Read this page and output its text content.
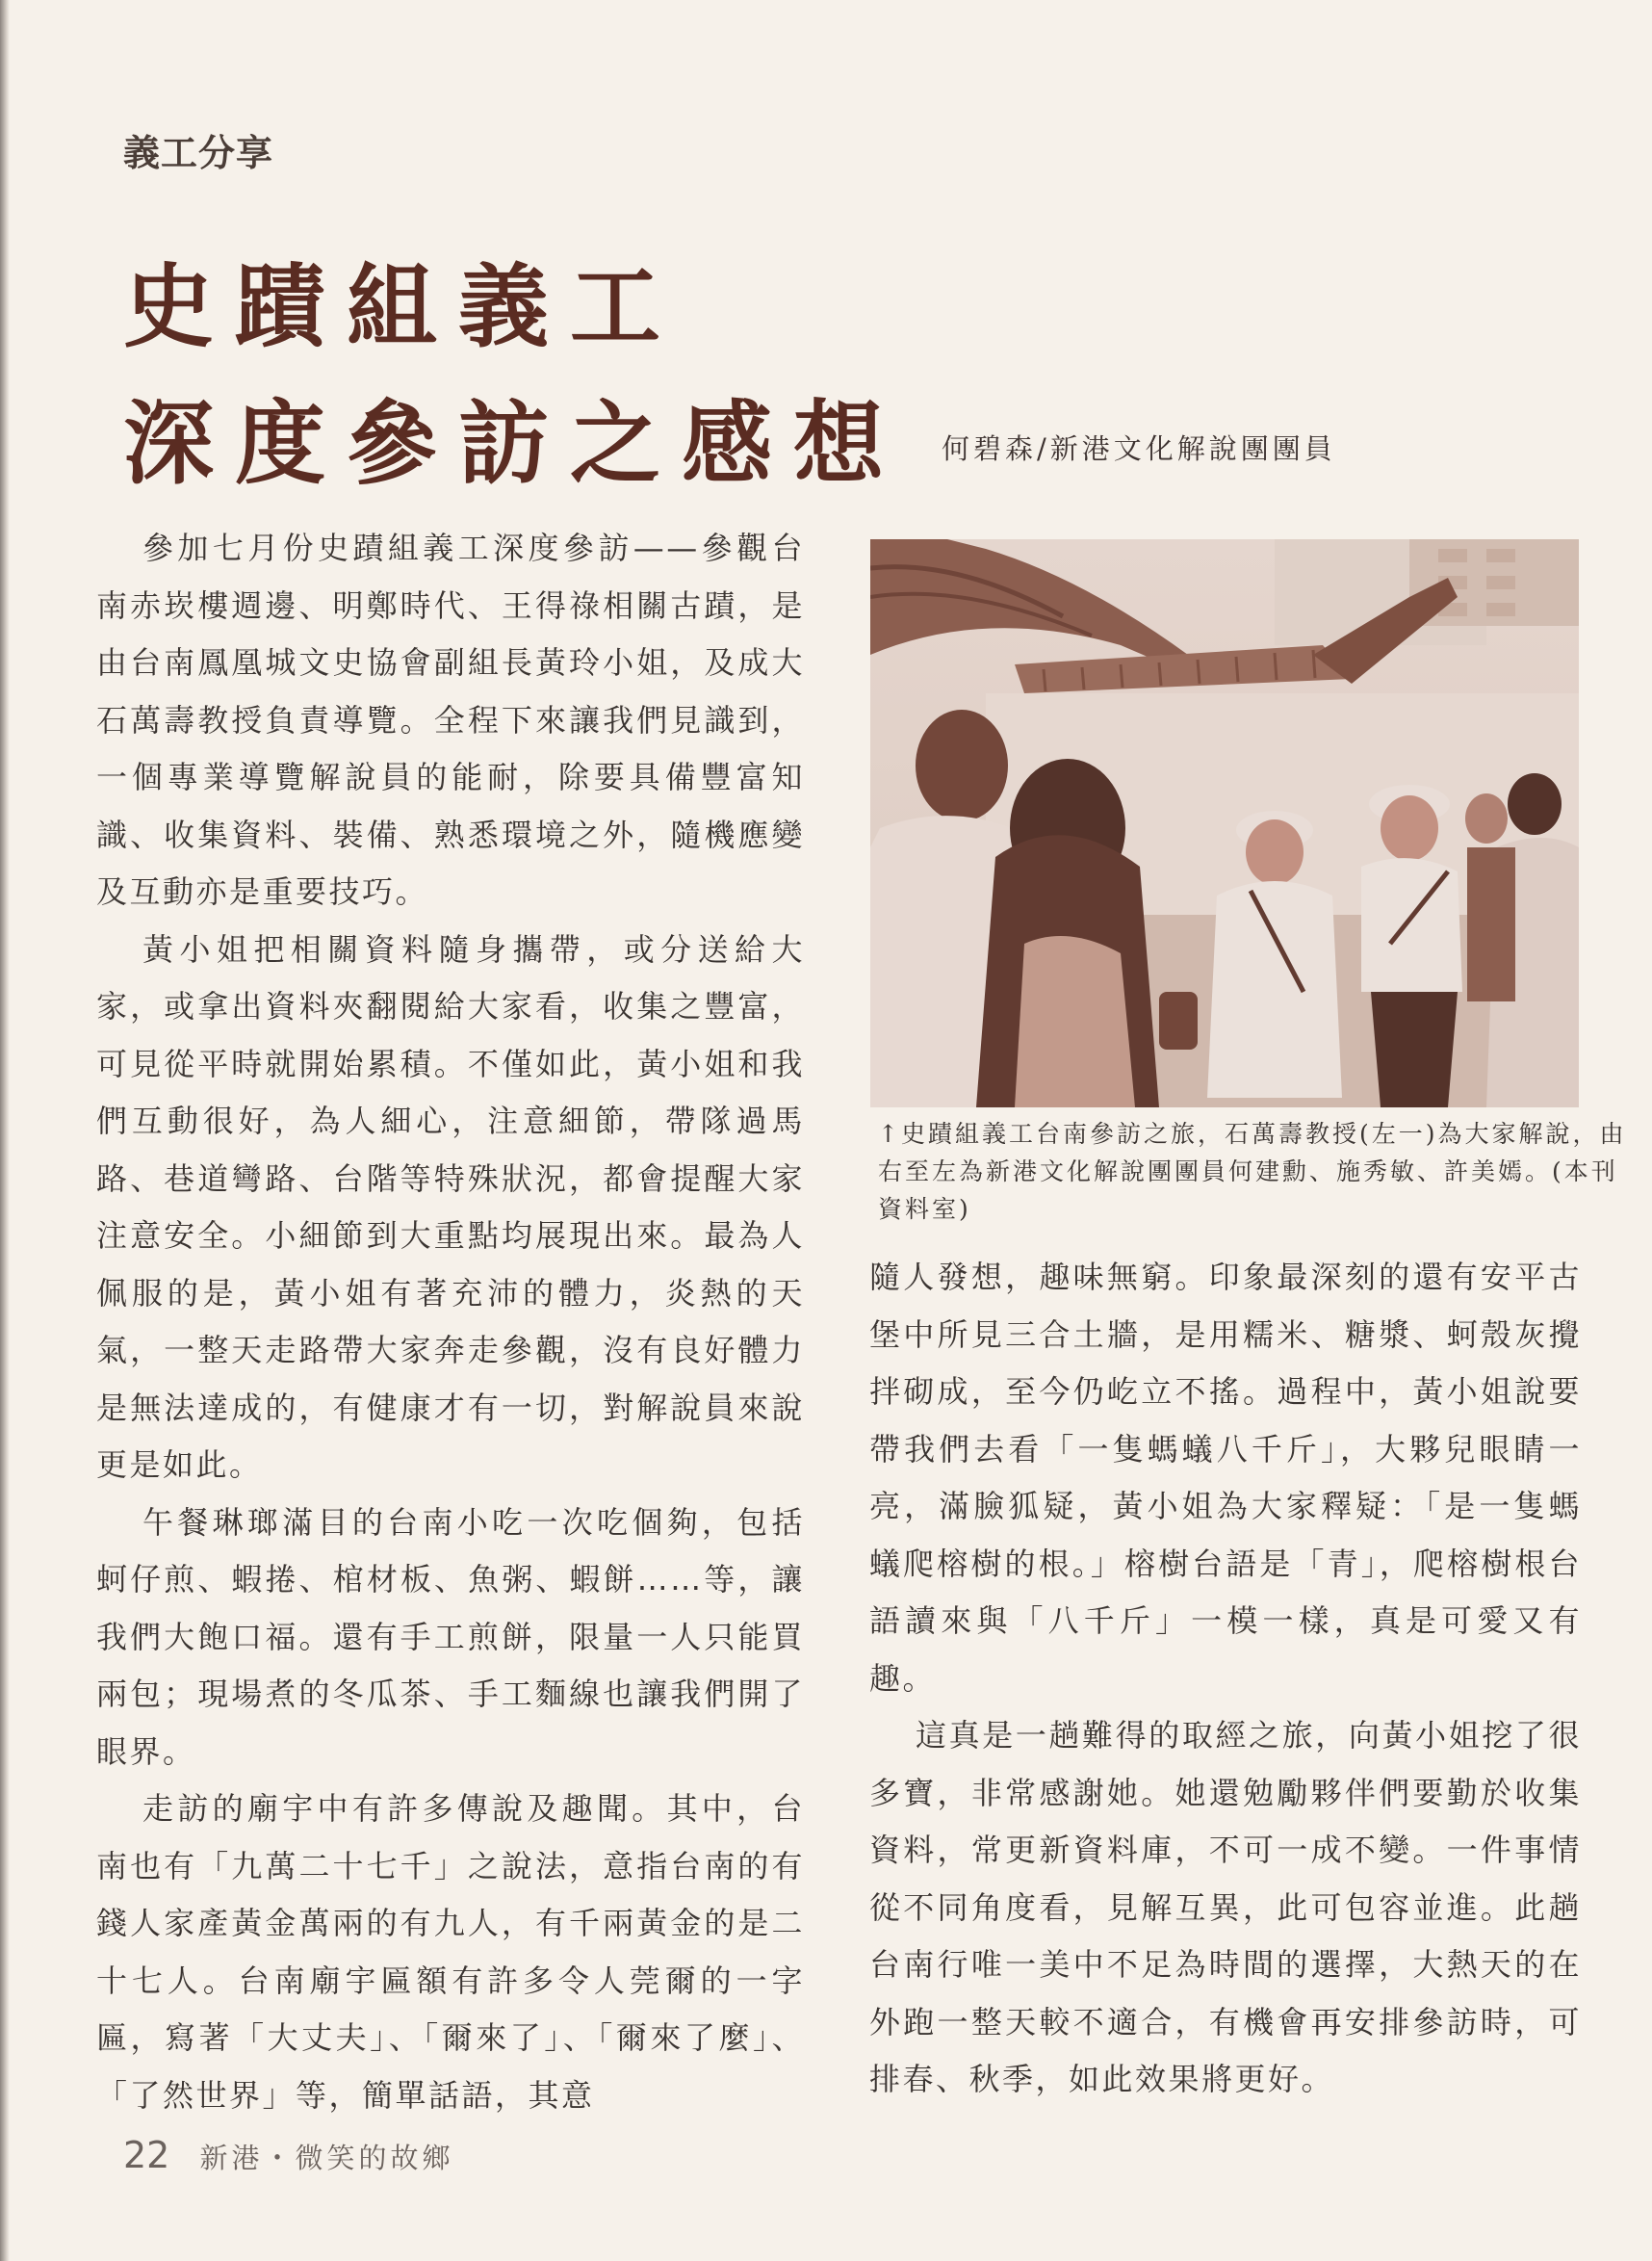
義工分享
史蹟組義工
深度參訪之感想 何碧森/新港文化解說團團員

參加七月份史蹟組義工深度參訪——參觀台南赤崁樓週邊、明鄭時代、王得祿相關古蹟，是由台南鳳凰城文史協會副組長黃玲小姐，及成大石萬壽教授負責導覽。全程下來讓我們見識到，一個專業導覽解說員的能耐，除要具備豐富知識、收集資料、裝備、熟悉環境之外，隨機應變及互動亦是重要技巧。

黃小姐把相關資料隨身攜帶，或分送給大家，或拿出資料夾翻閱給大家看，收集之豐富，可見從平時就開始累積。不僅如此，黃小姐和我們互動很好，為人細心，注意細節，帶隊過馬路、巷道彎路、台階等特殊狀況，都會提醒大家注意安全。小細節到大重點均展現出來。最為人佩服的是，黃小姐有著充沛的體力，炎熱的天氣，一整天走路帶大家奔走參觀，沒有良好體力是無法達成的，有健康才有一切，對解說員來說更是如此。

午餐琳瑯滿目的台南小吃一次吃個夠，包括蚵仔煎、蝦捲、棺材板、魚粥、蝦餅……等，讓我們大飽口福。還有手工煎餅，限量一人只能買兩包；現場煮的冬瓜茶、手工麵線也讓我們開了眼界。

走訪的廟宇中有許多傳說及趣聞。其中，台南也有「九萬二十七千」之說法，意指台南的有錢人家產黃金萬兩的有九人，有千兩黃金的是二十七人。台南廟宇匾額有許多令人莞爾的一字匾，寫著「大丈夫」、「爾來了」、「爾來了麼」、「了然世界」等，簡單話語，其意

↑史蹟組義工台南參訪之旅，石萬壽教授(左一)為大家解說，由右至左為新港文化解說團團員何建勳、施秀敏、許美嫣。(本刊資料室)

隨人發想，趣味無窮。印象最深刻的還有安平古堡中所見三合土牆，是用糯米、糖漿、蚵殼灰攪拌砌成，至今仍屹立不搖。過程中，黃小姐說要帶我們去看「一隻螞蟻八千斤」，大夥兒眼睛一亮，滿臉狐疑，黃小姐為大家釋疑：「是一隻螞蟻爬榕樹的根。」榕樹台語是「青」，爬榕樹根台語讀來與「八千斤」一模一樣，真是可愛又有趣。

這真是一趟難得的取經之旅，向黃小姐挖了很多寶，非常感謝她。她還勉勵夥伴們要勤於收集資料，常更新資料庫，不可一成不變。一件事情從不同角度看，見解互異，此可包容並進。此趟台南行唯一美中不足為時間的選擇，大熱天的在外跑一整天較不適合，有機會再安排參訪時，可排春、秋季，如此效果將更好。

22 新港・微笑的故鄉
